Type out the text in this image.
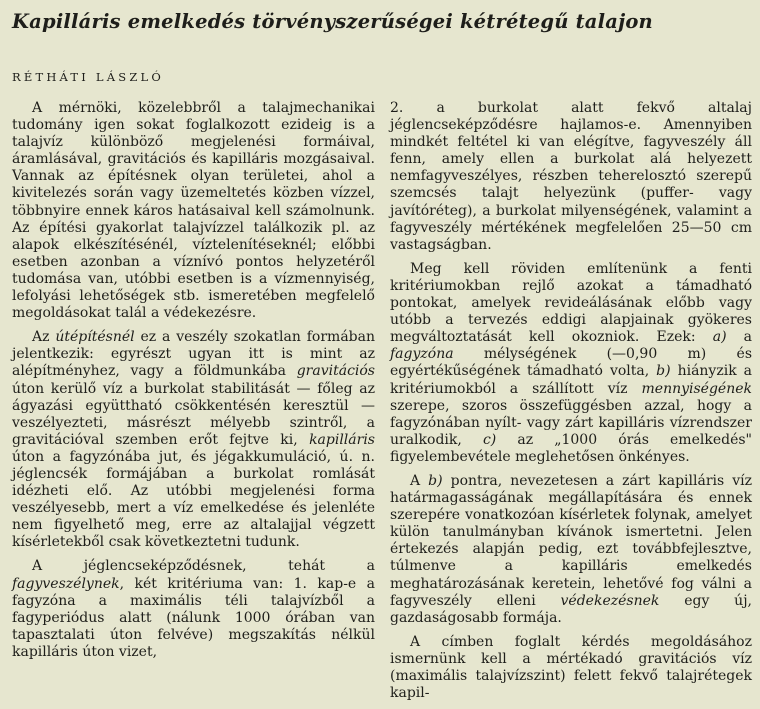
Kapilláris emelkedés törvényszerűségei kétrétegű talajon
RÉTHÁTI LÁSZLÓ

A mérnöki, közelebbről a talajmechanikai tudomány igen sokat foglalkozott ezideig is a talajvíz különböző megjelenési formáival, áramlásával, gravitációs és kapilláris mozgásaival. Vannak az építésnek olyan területei, ahol a kivitelezés során vagy üzemeltetés közben vízzel, többnyire ennek káros hatásaival kell számolnunk. Az építési gyakorlat talajvízzel találkozik pl. az alapok elkészítésénél, víztelenítéseknél; előbbi esetben azonban a víznívó pontos helyzetéről tudomása van, utóbbi esetben is a vízmennyiség, lefolyási lehetőségek stb. ismeretében megfelelő megoldásokat talál a védekezésre.

Az útépítésnél ez a veszély szokatlan formában jelentkezik: egyrészt ugyan itt is mint az alépítményhez, vagy a földmunkába gravitációs úton kerülő víz a burkolat stabilitását — főleg az ágyazási együttható csökkentésén keresztül — veszélyezteti, másrészt mélyebb szintről, a gravitációval szemben erőt fejtve ki, kapilláris úton a fagyzónába jut, és jégakkumuláció, ú. n. jéglencsék formájában a burkolat romlását idézheti elő. Az utóbbi megjelenési forma veszélyesebb, mert a víz emelkedése és jelenléte nem figyelhető meg, erre az altalajjal végzett kísérletekből csak következtetni tudunk.

A jéglencseképződésnek, tehát a fagyveszélynek, két kritériuma van: 1. kap-e a fagyzóna a maximális téli talajvízből a fagyperiódus alatt (nálunk 1000 órában van tapasztalati úton felvéve) megszakítás nélkül kapilláris úton vizet,

2. a burkolat alatt fekvő altalaj jéglencseképződésre hajlamos-e. Amennyiben mindkét feltétel ki van elégítve, fagyveszély áll fenn, amely ellen a burkolat alá helyezett nemfagyveszélyes, részben teherelosztó szerepű szemcsés talajt helyezünk (puffer- vagy javítóréteg), a burkolat milyenségének, valamint a fagyveszély mértékének megfelelően 25—50 cm vastagságban.

Meg kell röviden említenünk a fenti kritériumokban rejlő azokat a támadható pontokat, amelyek revideálásának előbb vagy utóbb a tervezés eddigi alapjainak gyökeres megváltoztatását kell okozniok. Ezek: a) a fagyzóna mélységének (—0,90 m) és egyértékűségének támadható volta, b) hiányzik a kritériumokból a szállított víz mennyiségének szerepe, szoros összefüggésben azzal, hogy a fagyzónában nyílt- vagy zárt kapilláris vízrendszer uralkodik, c) az „1000 órás emelkedés" figyelembevétele meglehetősen önkényes.

A b) pontra, nevezetesen a zárt kapilláris víz határmagasságának megállapítására és ennek szerepére vonatkozóan kísérletek folynak, amelyet külön tanulmányban kívánok ismertetni. Jelen értekezés alapján pedig, ezt továbbfejlesztve, túlmenve a kapilláris emelkedés meghatározásának keretein, lehetővé fog válni a fagyveszély elleni védekezésnek egy új, gazdaságosabb formája.

A címben foglalt kérdés megoldásához ismernünk kell a mértékadó gravitációs víz (maximális talajvízszint) felett fekvő talajrétegek kapil-
